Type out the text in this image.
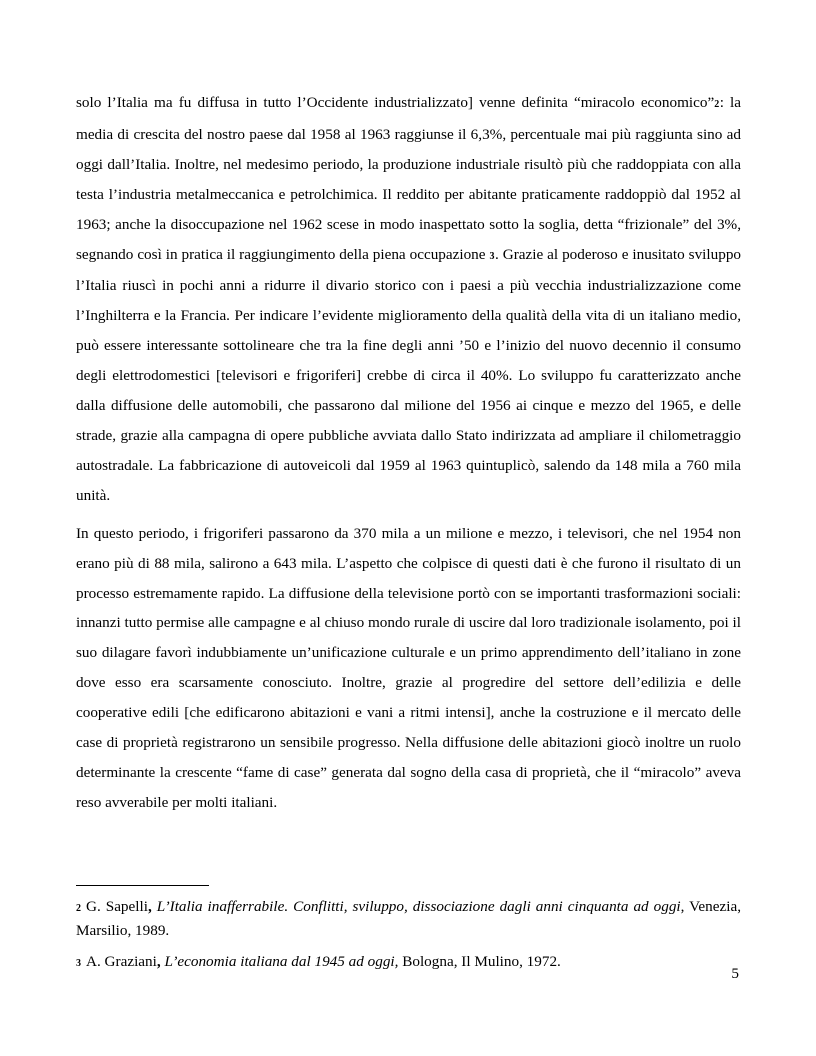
solo l’Italia ma fu diffusa in tutto l’Occidente industrializzato] venne definita “miracolo economico”2: la media di crescita del nostro paese dal 1958 al 1963 raggiunse il 6,3%, percentuale mai più raggiunta sino ad oggi dall’Italia. Inoltre, nel medesimo periodo, la produzione industriale risultò più che raddoppiata con alla testa l’industria metalmeccanica e petrolchimica. Il reddito per abitante praticamente raddoppiò dal 1952 al 1963; anche la disoccupazione nel 1962 scese in modo inaspettato sotto la soglia, detta “frizionale” del 3%, segnando così in pratica il raggiungimento della piena occupazione 3. Grazie al poderoso e inusitato sviluppo l’Italia riuscì in pochi anni a ridurre il divario storico con i paesi a più vecchia industrializzazione come l’Inghilterra e la Francia. Per indicare l’evidente miglioramento della qualità della vita di un italiano medio, può essere interessante sottolineare che tra la fine degli anni ’50 e l’inizio del nuovo decennio il consumo degli elettrodomestici [televisori e frigoriferi] crebbe di circa il 40%. Lo sviluppo fu caratterizzato anche dalla diffusione delle automobili, che passarono dal milione del 1956 ai cinque e mezzo del 1965, e delle strade, grazie alla campagna di opere pubbliche avviata dallo Stato indirizzata ad ampliare il chilometraggio autostradale. La fabbricazione di autoveicoli dal 1959 al 1963 quintuplicò, salendo da 148 mila a 760 mila unità.

In questo periodo, i frigoriferi passarono da 370 mila a un milione e mezzo, i televisori, che nel 1954 non erano più di 88 mila, salirono a 643 mila. L’aspetto che colpisce di questi dati è che furono il risultato di un processo estremamente rapido. La diffusione della televisione portò con se importanti trasformazioni sociali: innanzi tutto permise alle campagne e al chiuso mondo rurale di uscire dal loro tradizionale isolamento, poi il suo dilagare favorì indubbiamente un’unificazione culturale e un primo apprendimento dell’italiano in zone dove esso era scarsamente conosciuto. Inoltre, grazie al progredire del settore dell’edilizia e delle cooperative edili [che edificarono abitazioni e vani a ritmi intensi], anche la costruzione e il mercato delle case di proprietà registrarono un sensibile progresso. Nella diffusione delle abitazioni giocò inoltre un ruolo determinante la crescente “fame di case” generata dal sogno della casa di proprietà, che il “miracolo” aveva reso avverabile per molti italiani.

2 G. Sapelli, L’Italia inafferrabile. Conflitti, sviluppo, dissociazione dagli anni cinquanta ad oggi, Venezia, Marsilio, 1989.

3 A. Graziani, L’economia italiana dal 1945 ad oggi, Bologna, Il Mulino, 1972.

5
